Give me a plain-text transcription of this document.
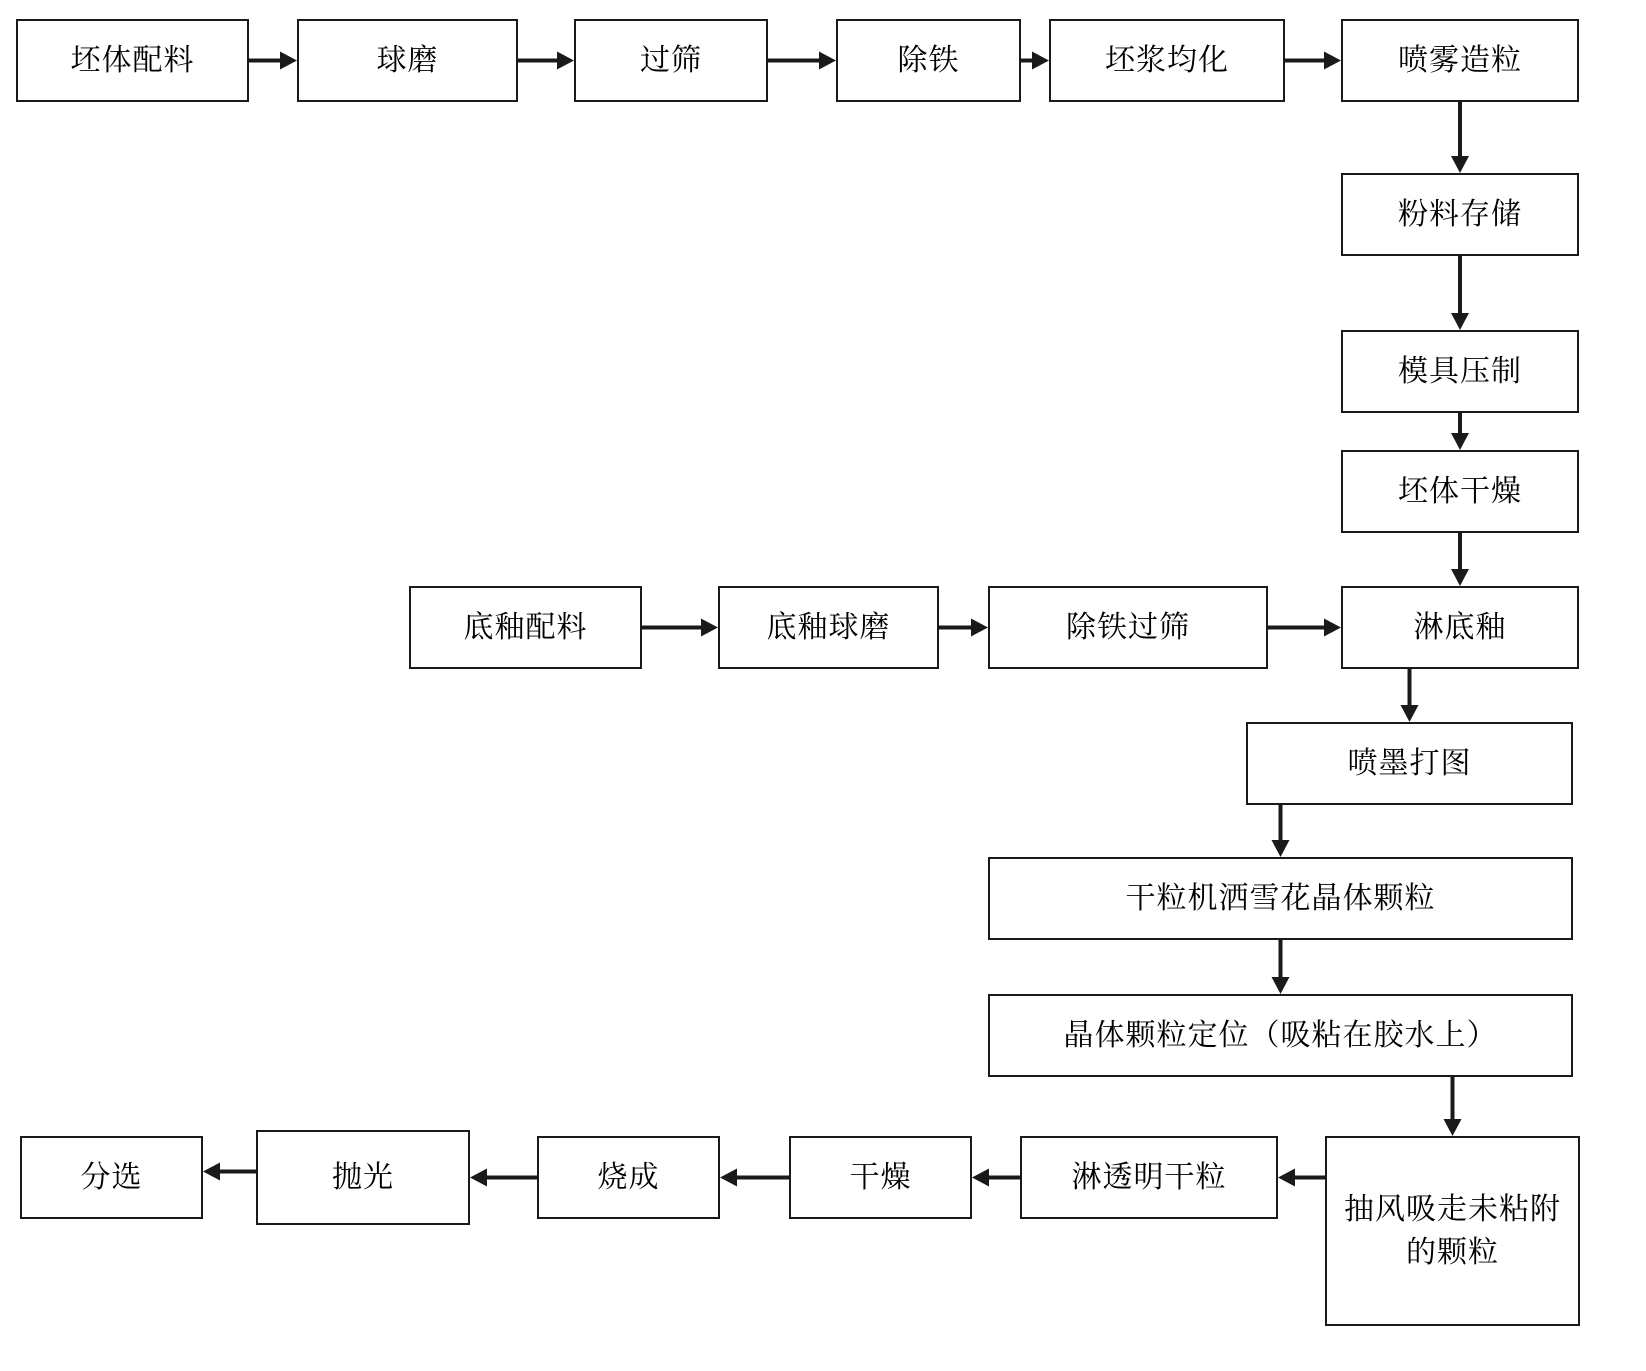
坯体配料	球磨	过筛	除铁	坯浆均化	喷雾造粒
粉料存储
模具压制
坯体干燥
淋底釉
底釉配料	底釉球磨	除铁过筛
喷墨打图
干粒机洒雪花晶体颗粒
晶体颗粒定位（吸粘在胶水上）
抽风吸走未粘附的颗粒
淋透明干粒
干燥
烧成
抛光
分选
